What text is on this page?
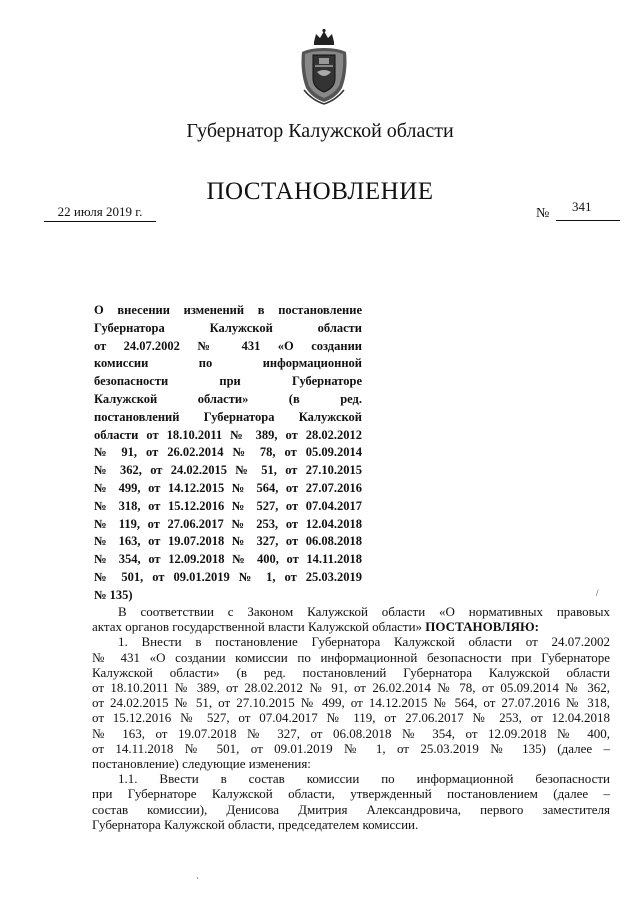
Губернатор Калужской области
ПОСТАНОВЛЕНИЕ
22 июля 2019 г.	№ 341
О внесении изменений в постановление
Губернатора Калужской области
от 24.07.2002 № 431 «О создании
комиссии по информационной
безопасности при Губернаторе
Калужской области» (в ред.
постановлений Губернатора Калужской
области от 18.10.2011 № 389, от 28.02.2012
№ 91, от 26.02.2014 № 78, от 05.09.2014
№ 362, от 24.02.2015 № 51, от 27.10.2015
№ 499, от 14.12.2015 № 564, от 27.07.2016
№ 318, от 15.12.2016 № 527, от 07.04.2017
№ 119, от 27.06.2017 № 253, от 12.04.2018
№ 163, от 19.07.2018 № 327, от 06.08.2018
№ 354, от 12.09.2018 № 400, от 14.11.2018
№ 501, от 09.01.2019 № 1, от 25.03.2019
№ 135)

В соответствии с Законом Калужской области «О нормативных правовых
актах органов государственной власти Калужской области» ПОСТАНОВЛЯЮ:

1. Внести в постановление Губернатора Калужской области от 24.07.2002
№ 431 «О создании комиссии по информационной безопасности при Губернаторе
Калужской области» (в ред. постановлений Губернатора Калужской области
от 18.10.2011 № 389, от 28.02.2012 № 91, от 26.02.2014 № 78, от 05.09.2014 № 362,
от 24.02.2015 № 51, от 27.10.2015 № 499, от 14.12.2015 № 564, от 27.07.2016 № 318,
от 15.12.2016 № 527, от 07.04.2017 № 119, от 27.06.2017 № 253, от 12.04.2018
№ 163, от 19.07.2018 № 327, от 06.08.2018 № 354, от 12.09.2018 № 400,
от 14.11.2018 № 501, от 09.01.2019 № 1, от 25.03.2019 № 135) (далее –
постановление) следующие изменения:

1.1. Ввести в состав комиссии по информационной безопасности
при Губернаторе Калужской области, утвержденный постановлением (далее –
состав комиссии), Денисова Дмитрия Александровича, первого заместителя
Губернатора Калужской области, председателем комиссии.

/
ˋ
